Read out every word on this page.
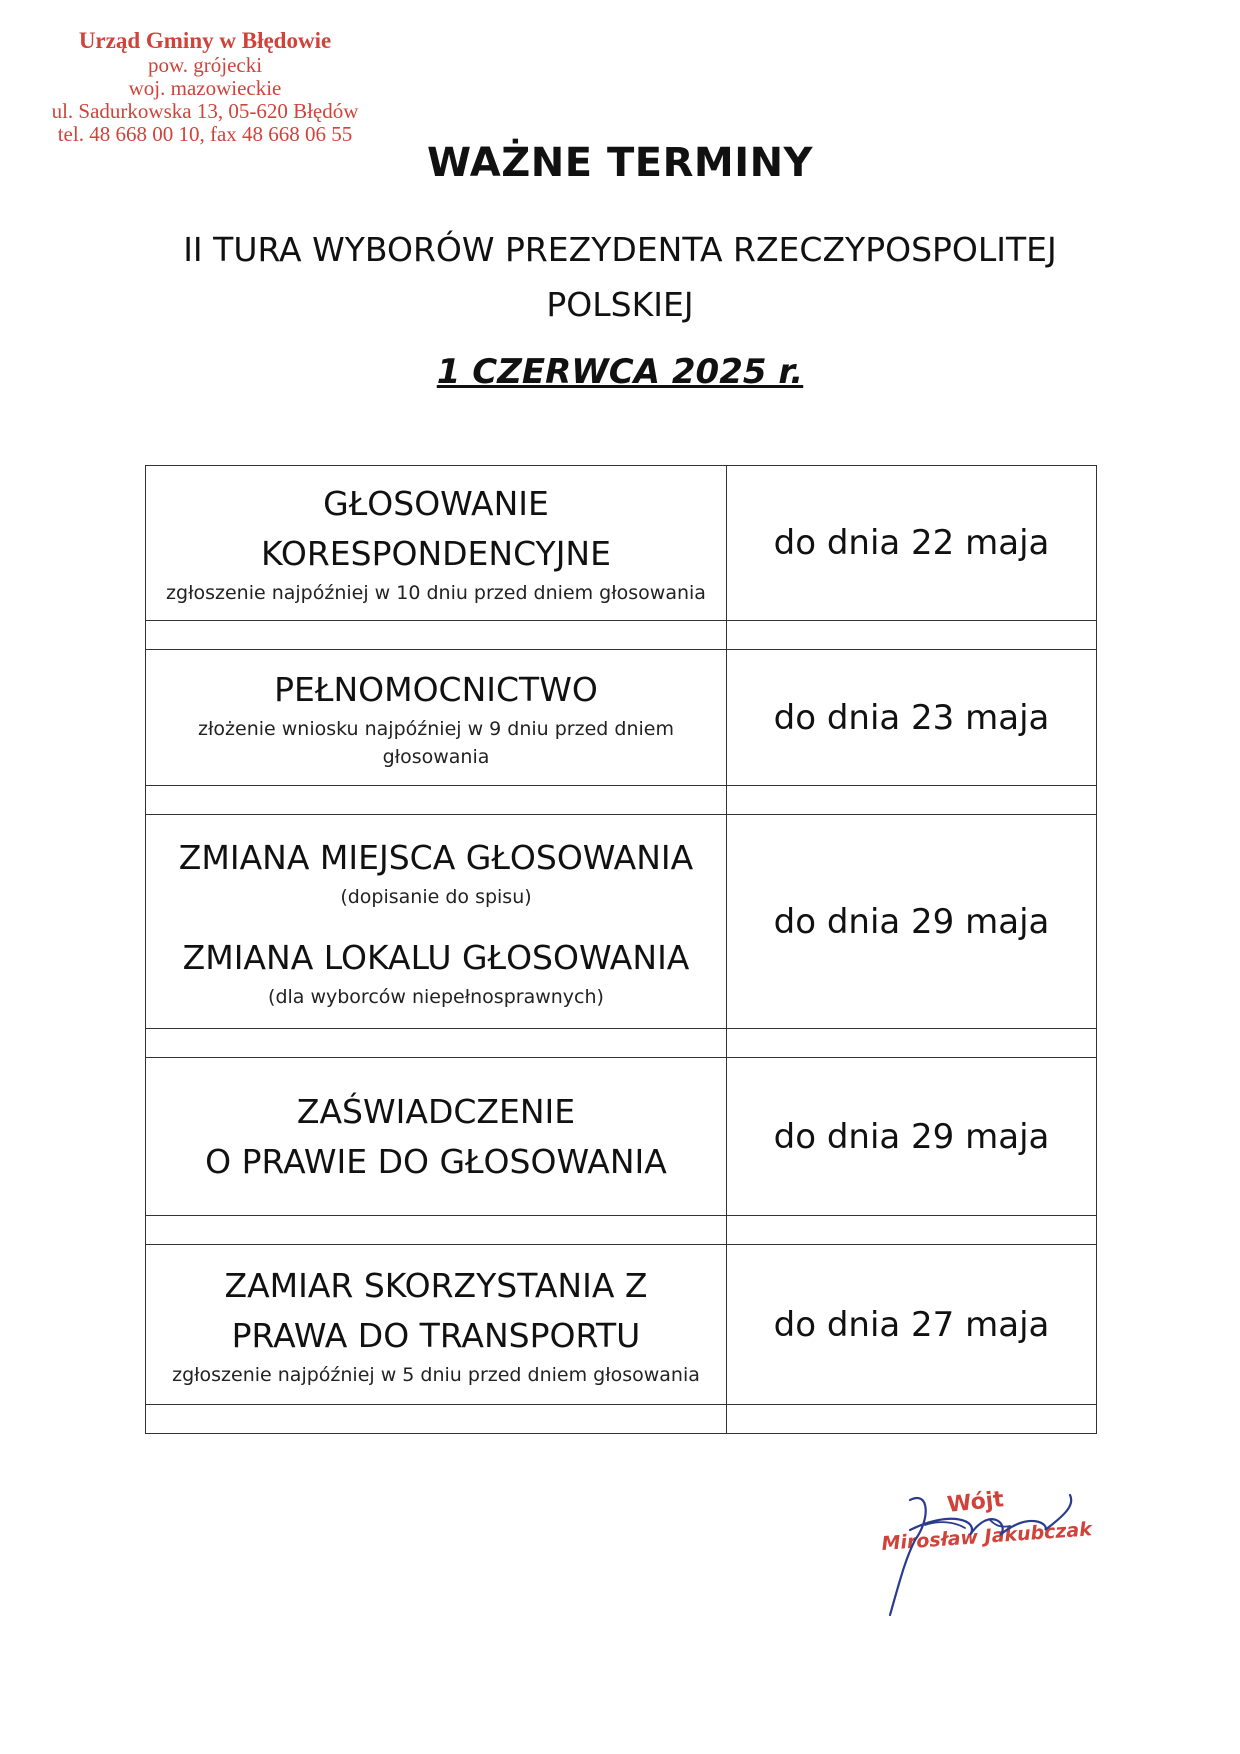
Urząd Gminy w Błędowie
pow. grójecki
woj. mazowieckie
ul. Sadurkowska 13, 05-620 Błędów
tel. 48 668 00 10, fax 48 668 06 55
WAŻNE TERMINY
II TURA WYBORÓW PREZYDENTA RZECZYPOSPOLITEJ
POLSKIEJ
1 CZERWCA 2025 r.
GŁOSOWANIE
KORESPONDENCYJNE
zgłoszenie najpóźniej w 10 dniu przed dniem głosowania	do dnia 22 maja

PEŁNOMOCNICTWO
złożenie wniosku najpóźniej w 9 dniu przed dniem
głosowania	do dnia 23 maja

ZMIANA MIEJSCA GŁOSOWANIA
(dopisanie do spisu)
ZMIANA LOKALU GŁOSOWANIA
(dla wyborców niepełnosprawnych)	do dnia 29 maja

ZAŚWIADCZENIE
O PRAWIE DO GŁOSOWANIA	do dnia 29 maja

ZAMIAR SKORZYSTANIA Z
PRAWA DO TRANSPORTU
zgłoszenie najpóźniej w 5 dniu przed dniem głosowania	do dnia 27 maja

Wójt
Mirosław Jakubczak
